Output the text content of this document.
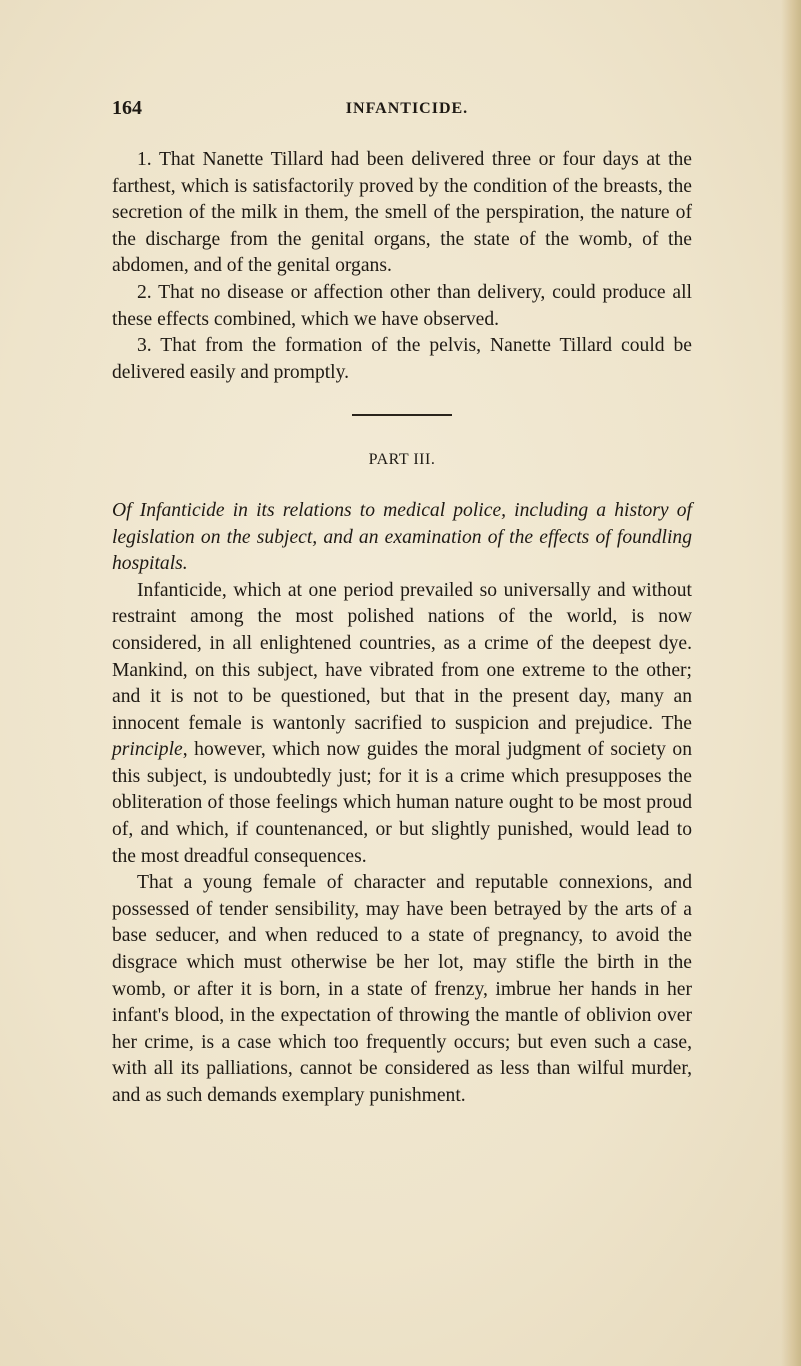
164	INFANTICIDE.

1. That Nanette Tillard had been delivered three or four days at the farthest, which is satisfactorily proved by the condition of the breasts, the secretion of the milk in them, the smell of the perspiration, the nature of the discharge from the genital organs, the state of the womb, of the abdomen, and of the genital organs.

2. That no disease or affection other than delivery, could produce all these effects combined, which we have observed.

3. That from the formation of the pelvis, Nanette Tillard could be delivered easily and promptly.

PART III.

Of Infanticide in its relations to medical police, including a history of legislation on the subject, and an examination of the effects of foundling hospitals.

Infanticide, which at one period prevailed so universally and without restraint among the most polished nations of the world, is now considered, in all enlightened countries, as a crime of the deepest dye. Mankind, on this subject, have vibrated from one extreme to the other; and it is not to be questioned, but that in the present day, many an innocent female is wantonly sacrified to suspicion and prejudice. The principle, however, which now guides the moral judgment of society on this subject, is undoubtedly just; for it is a crime which presupposes the obliteration of those feelings which human nature ought to be most proud of, and which, if countenanced, or but slightly punished, would lead to the most dreadful consequences.

That a young female of character and reputable connexions, and possessed of tender sensibility, may have been betrayed by the arts of a base seducer, and when reduced to a state of pregnancy, to avoid the disgrace which must otherwise be her lot, may stifle the birth in the womb, or after it is born, in a state of frenzy, imbrue her hands in her infant's blood, in the expectation of throwing the mantle of oblivion over her crime, is a case which too frequently occurs; but even such a case, with all its palliations, cannot be considered as less than wilful murder, and as such demands exemplary punishment.
